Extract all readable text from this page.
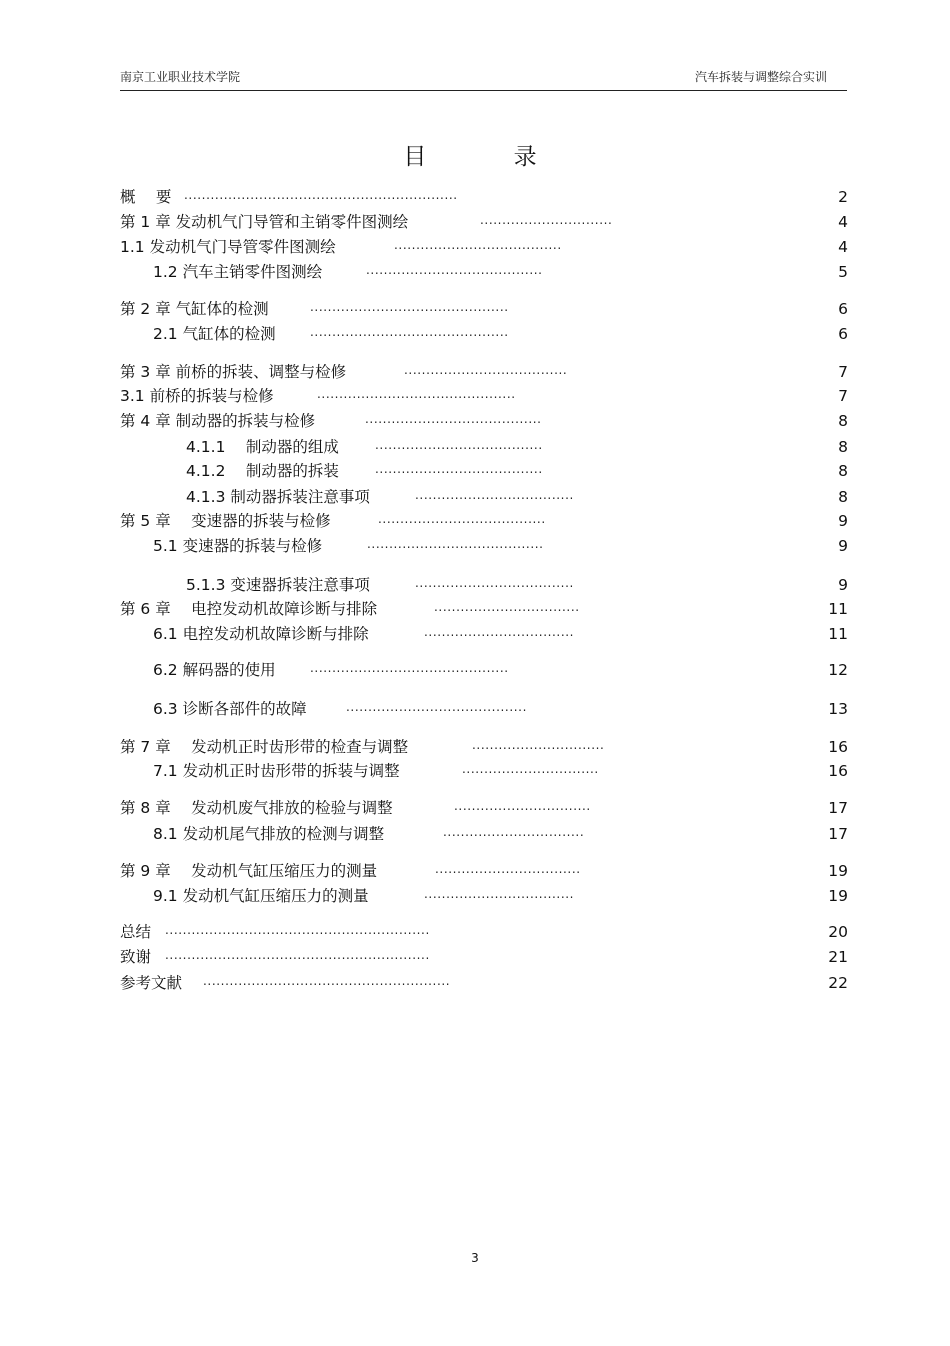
南京工业职业技术学院	汽车拆装与调整综合实训
目 录
概　 要 ..............................................................	2
第 1 章 发动机气门导管和主销零件图测绘	..............................	4
1.1 发动机气门导管零件图测绘	......................................	4
1.2 汽车主销零件图测绘	........................................	5
第 2 章 气缸体的检测	.............................................	6
2.1 气缸体的检测	.............................................	6
第 3 章 前桥的拆装、调整与检修	.....................................	7
3.1 前桥的拆装与检修	.............................................	7
第 4 章 制动器的拆装与检修	........................................	8
4.1.1　 制动器的组成	......................................	8
4.1.2　 制动器的拆装	......................................	8
4.1.3 制动器拆装注意事项	....................................	8
第 5 章　 变速器的拆装与检修	......................................	9
5.1 变速器的拆装与检修	........................................	9
5.1.3 变速器拆装注意事项	....................................	9
第 6 章　 电控发动机故障诊断与排除	.................................	11
6.1 电控发动机故障诊断与排除	..................................	11
6.2 解码器的使用	.............................................	12
6.3 诊断各部件的故障	.........................................	13
第 7 章　 发动机正时齿形带的检查与调整	..............................	16
7.1 发动机正时齿形带的拆装与调整	...............................	16
第 8 章　 发动机废气排放的检验与调整	...............................	17
8.1 发动机尾气排放的检测与调整	................................	17
第 9 章　 发动机气缸压缩压力的测量	.................................	19
9.1 发动机气缸压缩压力的测量	..................................	19
总结 ............................................................	20
致谢 ............................................................	21
参考文献 ........................................................	22
3
